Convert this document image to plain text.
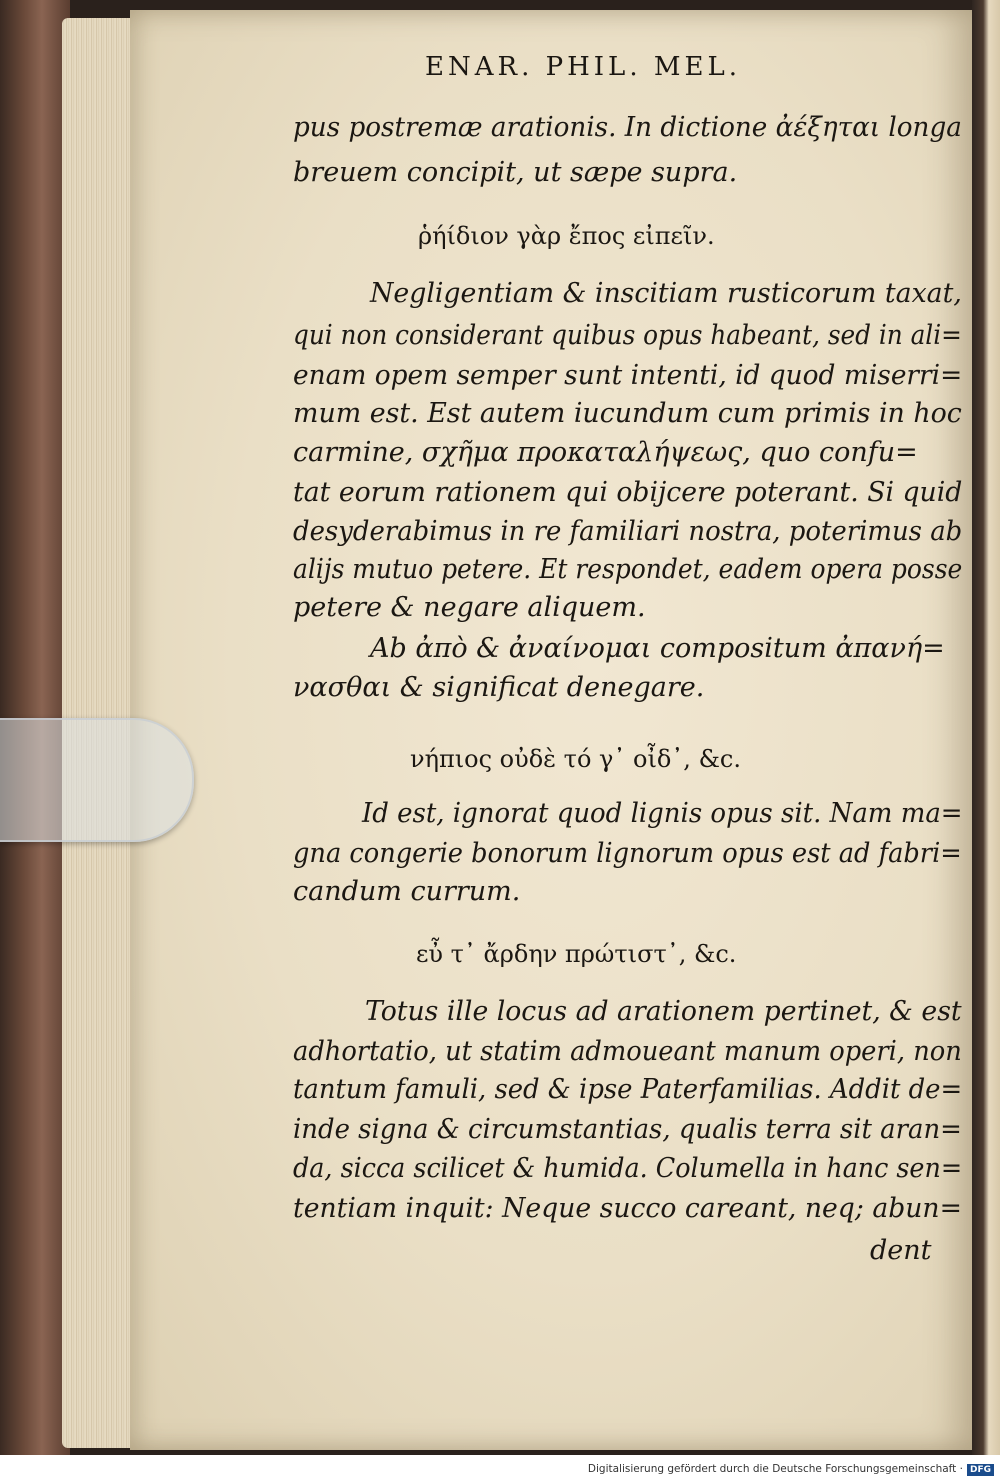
ENAR. PHIL. MEL.
pus postremæ arationis. In dictione ἀέξηται longa
breuem concipit, ut sæpe supra.
ῥήίδιον γὰρ ἔπος εἰπεῖν.
Negligentiam & inscitiam rusticorum taxat,
qui non considerant quibus opus habeant, sed in ali=
enam opem semper sunt intenti, id quod miserri=
mum est. Est autem iucundum cum primis in hoc
carmine, σχῆμα προκαταλήψεως, quo confu=
tat eorum rationem qui obijcere poterant. Si quid
desyderabimus in re familiari nostra, poterimus ab
alijs mutuo petere. Et respondet, eadem opera posse
petere & negare aliquem.
Ab ἀπὸ & ἀναίνομαι compositum ἀπανή=
νασθαι & significat denegare.
νήπιος οὐδὲ τό γ᾽ οἶδ᾽, &c.
Id est, ignorat quod lignis opus sit. Nam ma=
gna congerie bonorum lignorum opus est ad fabri=
candum currum.
εὖ τ᾽ ἄρδην πρώτιστ᾽, &c.
Totus ille locus ad arationem pertinet, & est
adhortatio, ut statim admoueant manum operi, non
tantum famuli, sed & ipse Paterfamilias. Addit de=
inde signa & circumstantias, qualis terra sit aran=
da, sicca scilicet & humida. Columella in hanc sen=
tentiam inquit: Neque succo careant, neq; abun=
dent
Digitalisierung gefördert durch die Deutsche Forschungsgemeinschaft · DFG
